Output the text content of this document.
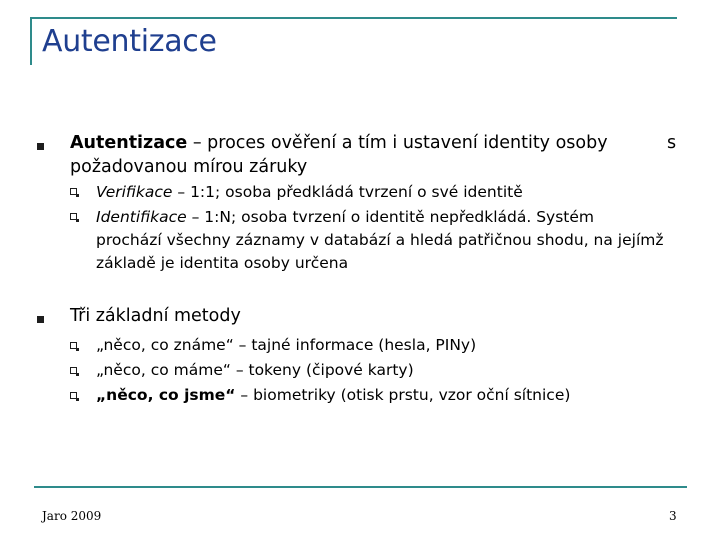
Autentizace
Autentizace – proces ověření a tím i ustavení identity osoby	s
požadovanou mírou záruky
Verifikace – 1:1; osoba předkládá tvrzení o své identitě
Identifikace – 1:N; osoba tvrzení o identitě nepředkládá. Systém
prochází všechny záznamy v databází a hledá patřičnou shodu, na jejímž
základě je identita osoby určena
Tři základní metody
„něco, co známe“ – tajné informace (hesla, PINy)
„něco, co máme“ – tokeny (čipové karty)
„něco, co jsme“ – biometriky (otisk prstu, vzor oční sítnice)
Jaro 2009	3
